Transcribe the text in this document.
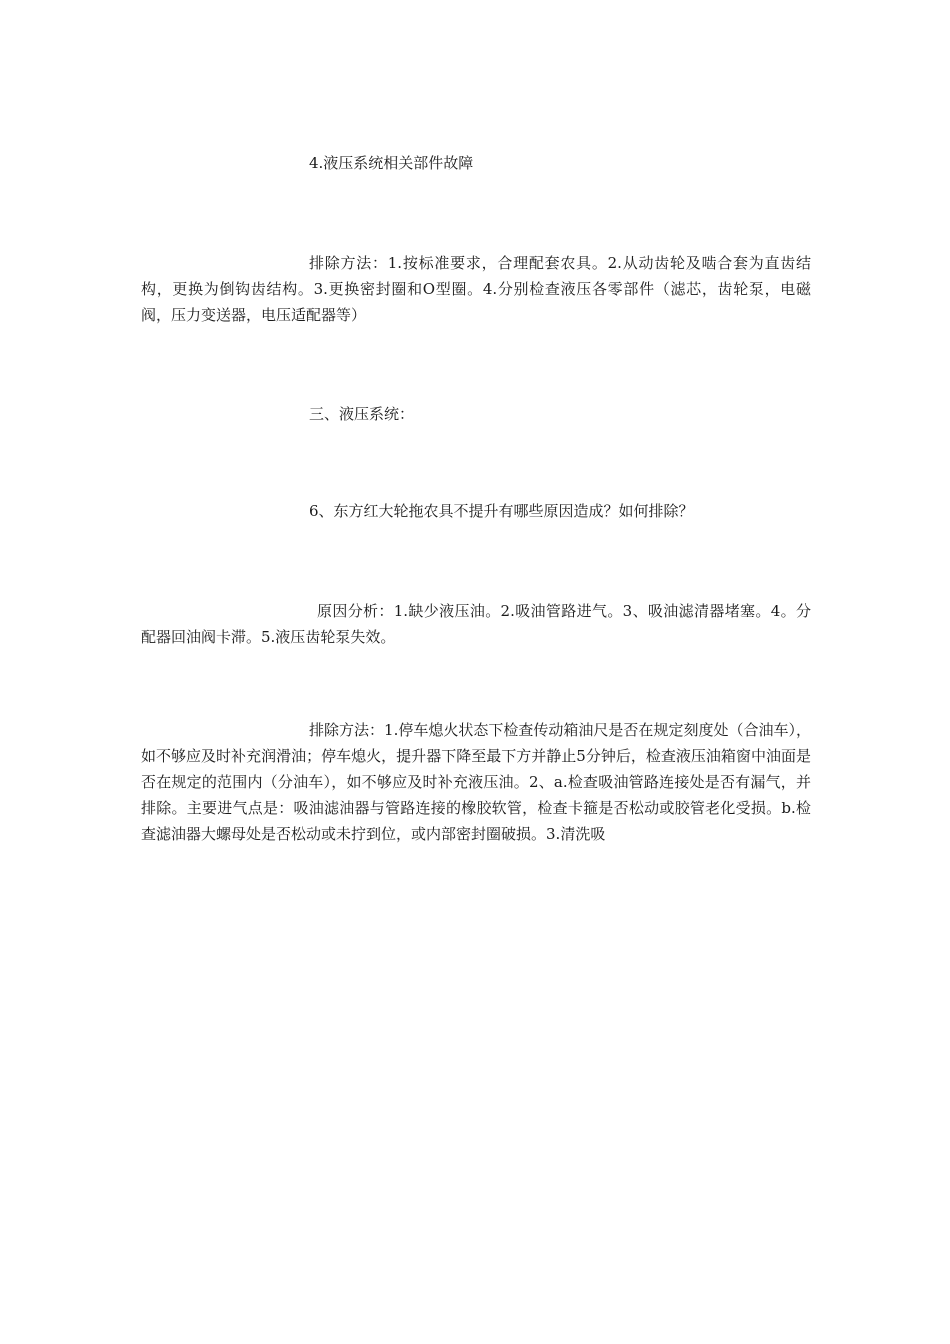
4.液压系统相关部件故障

排除方法：1.按标准要求，合理配套农具。2.从动齿轮及啮合套为直齿结构，更换为倒钩齿结构。3.更换密封圈和O型圈。4.分别检查液压各零部件（滤芯，齿轮泵，电磁阀，压力变送器，电压适配器等）

三、液压系统：

6、东方红大轮拖农具不提升有哪些原因造成？如何排除？

原因分析：1.缺少液压油。2.吸油管路进气。3、吸油滤清器堵塞。4。分配器回油阀卡滞。5.液压齿轮泵失效。

排除方法：1.停车熄火状态下检查传动箱油尺是否在规定刻度处（合油车），如不够应及时补充润滑油；停车熄火，提升器下降至最下方并静止5分钟后，检查液压油箱窗中油面是否在规定的范围内（分油车），如不够应及时补充液压油。2、a.检查吸油管路连接处是否有漏气，并排除。主要进气点是：吸油滤油器与管路连接的橡胶软管，检查卡箍是否松动或胶管老化受损。b.检查滤油器大螺母处是否松动或未拧到位，或内部密封圈破损。3.清洗吸
